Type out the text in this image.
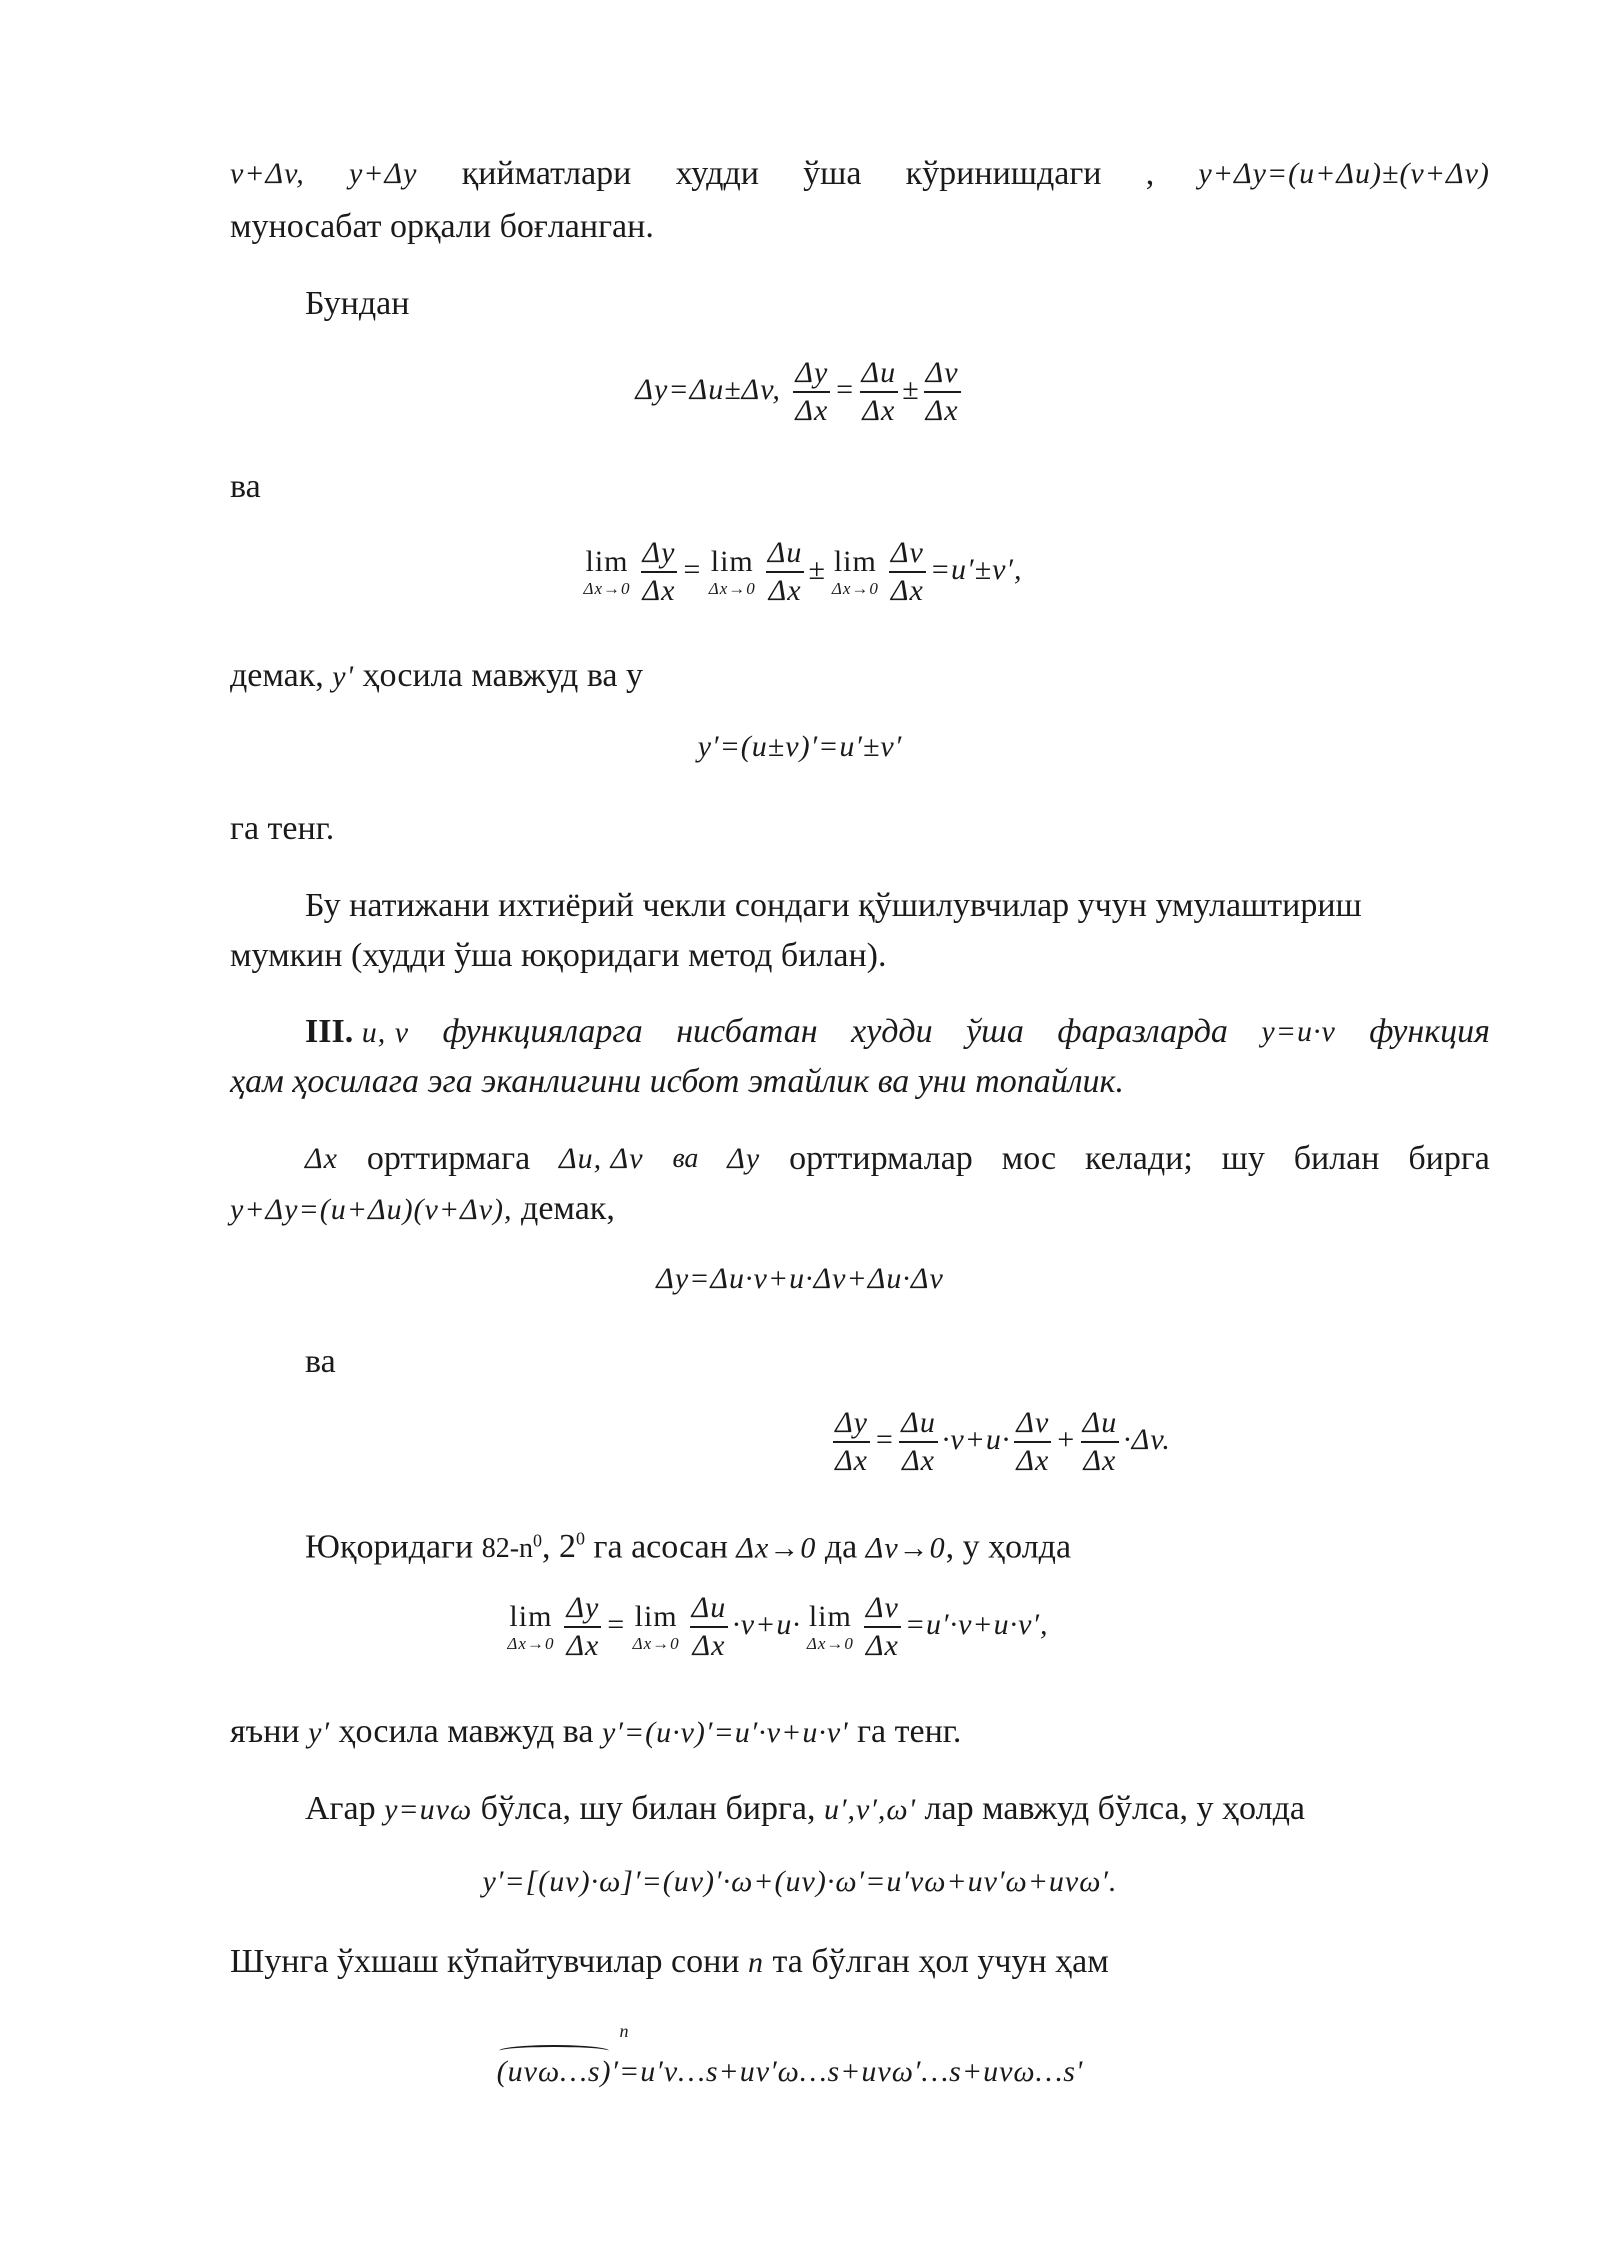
v+Δv, y+Δy қийматлари худди ўша кўринишдаги , y+Δy=(u+Δu)±(v+Δv)
муносабат орқали боғланган.
Бундан
Δy=Δu±Δv, $\frac{\Delta y}{\Delta x} = \frac{\Delta u}{\Delta x} \pm \frac{\Delta v}{\Delta x}$
ва
lim
$\Delta x\to 0 \frac{\Delta y}{\Delta x} = \lim$
$\Delta x\to 0 \frac{\Delta u}{\Delta x} \pm \lim$
$\Delta x\to 0 \frac{\Delta v}{\Delta x} =u'\pm v'$,
демак, y' ҳосила мавжуд ва у
y′=(u±v)′=u′±v′
га тенг.
Бу натижани ихтиёрий чекли сондаги қўшилувчилар учун умулаштириш
мумкин (худди ўша юқоридаги метод билан).
III. u, v функцияларга нисбатан худди ўша фаразларда y=u·v функция
ҳам ҳосилага эга эканлигини исбот этайлик ва уни топайлик.
Δx орттирмага Δu, Δv ва Δy орттирмалар мос келади; шу билан бирга
y+Δy=(u+Δu)(v+Δv), демак,
Δy=Δu·v+u·Δv+Δu·Δv
ва
$\frac{\Delta y}{\Delta x} = \frac{\Delta u}{\Delta x} \cdot v+u\cdot \frac{\Delta v}{\Delta x} + \frac{\Delta u}{\Delta x} \cdot\Delta v$.
Юқоридаги $82-n^0$, $2^0$ га асосан Δx→0 да Δv→0, у ҳолда
lim
$\Delta x\to 0 \frac{\Delta y}{\Delta x} = \lim$
$\Delta x\to 0 \frac{\Delta u}{\Delta x} \cdot v+u\cdot \lim$
$\Delta x\to 0 \frac{\Delta v}{\Delta x} =u'\cdot v+u\cdot v'$,
яъни y′ ҳосила мавжуд ва y′=(u·v)′=u′·v+u·v' га тенг.
Агар y=uvω бўлса, шу билан бирга, u′,v′,ω' лар мавжуд бўлса, у ҳолда
y′=[(uv)·ω]′=(uv)′·ω+(uv)·ω′=u′vω+uv′ω+uvω′.
Шунга ўхшаш кўпайтувчилар сони n та бўлган ҳол учун ҳам
n
(uvω…s)′=u′v…s+uv′ω…s+uvω′…s+uvω…s'
